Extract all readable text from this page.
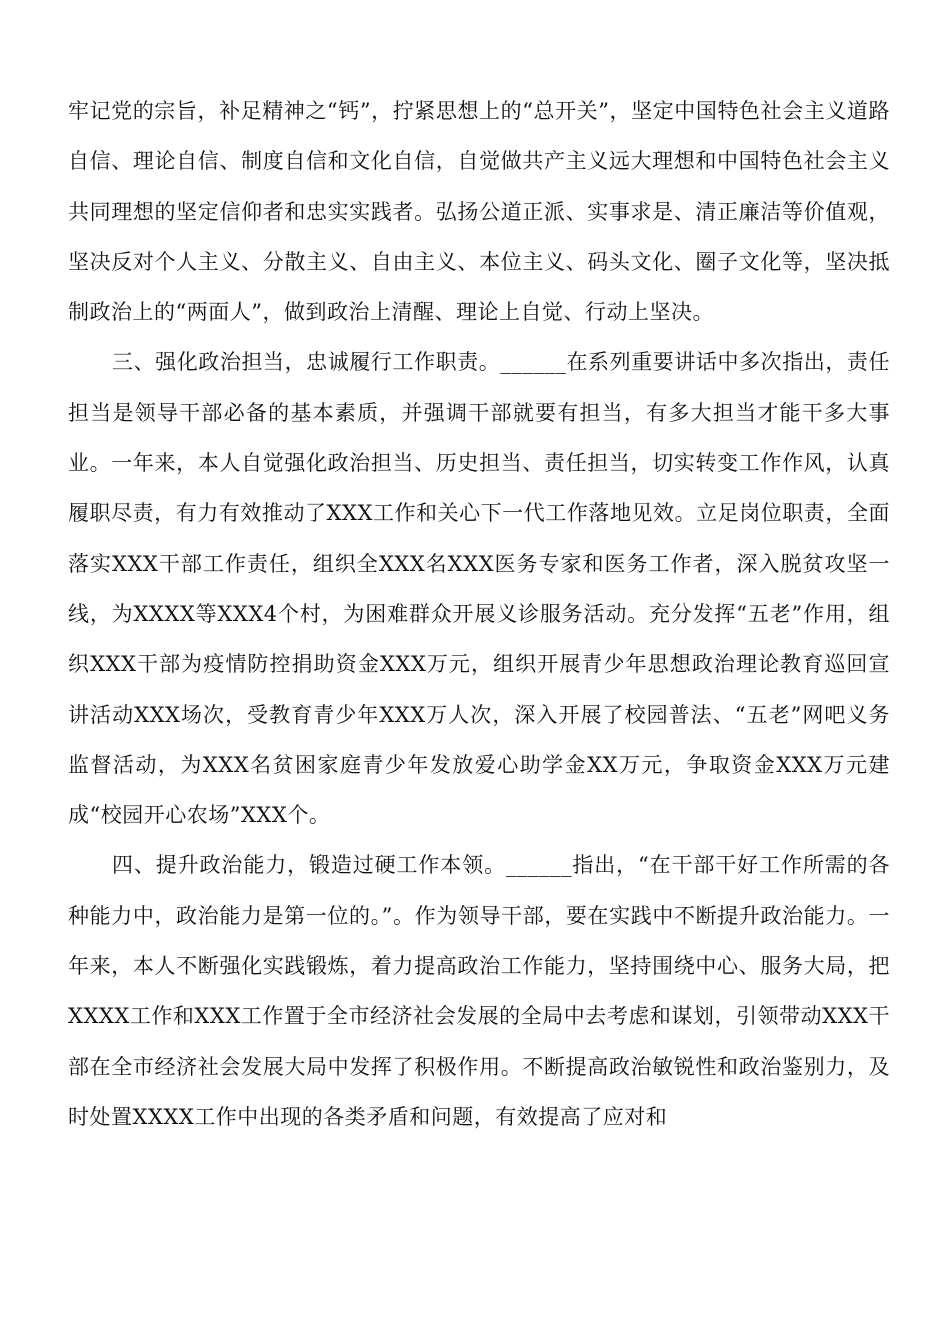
牢记党的宗旨，补足精神之“钙”，拧紧思想上的“总开关”，坚定中国特色社会主义道路自信、理论自信、制度自信和文化自信，自觉做共产主义远大理想和中国特色社会主义共同理想的坚定信仰者和忠实实践者。弘扬公道正派、实事求是、清正廉洁等价值观，坚决反对个人主义、分散主义、自由主义、本位主义、码头文化、圈子文化等，坚决抵制政治上的“两面人”，做到政治上清醒、理论上自觉、行动上坚决。

三、强化政治担当，忠诚履行工作职责。______在系列重要讲话中多次指出，责任担当是领导干部必备的基本素质，并强调干部就要有担当，有多大担当才能干多大事业。一年来，本人自觉强化政治担当、历史担当、责任担当，切实转变工作作风，认真履职尽责，有力有效推动了XXX工作和关心下一代工作落地见效。立足岗位职责，全面落实XXX干部工作责任，组织全XXX名XXX医务专家和医务工作者，深入脱贫攻坚一线，为XXXX等XXX4个村，为困难群众开展义诊服务活动。充分发挥“五老”作用，组织XXX干部为疫情防控捐助资金XXX万元，组织开展青少年思想政治理论教育巡回宣讲活动XXX场次，受教育青少年XXX万人次，深入开展了校园普法、“五老”网吧义务监督活动，为XXX名贫困家庭青少年发放爱心助学金XX万元，争取资金XXX万元建成“校园开心农场”XXX个。

四、提升政治能力，锻造过硬工作本领。______指出，“在干部干好工作所需的各种能力中，政治能力是第一位的。”。作为领导干部，要在实践中不断提升政治能力。一年来，本人不断强化实践锻炼，着力提高政治工作能力，坚持围绕中心、服务大局，把XXXX工作和XXX工作置于全市经济社会发展的全局中去考虑和谋划，引领带动XXX干部在全市经济社会发展大局中发挥了积极作用。不断提高政治敏锐性和政治鉴别力，及时处置XXXX工作中出现的各类矛盾和问题，有效提高了应对和
